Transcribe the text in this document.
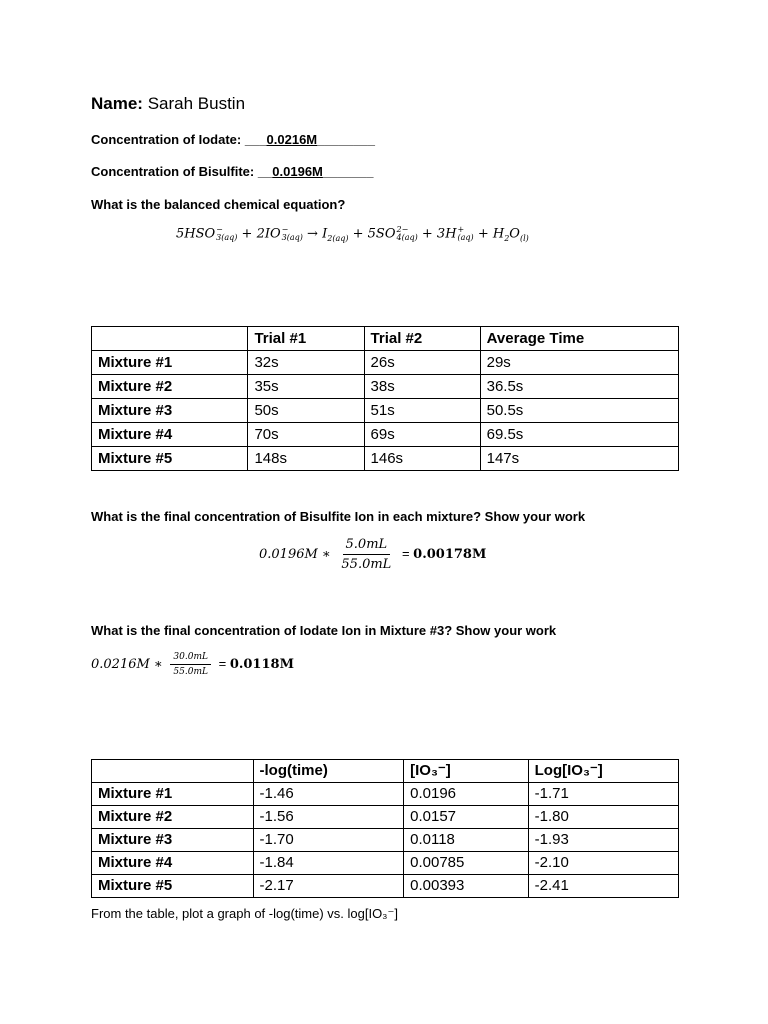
Name: Sarah Bustin
Concentration of Iodate: ___0.0216M________
Concentration of Bisulfite: __0.0196M_______
What is the balanced chemical equation?
5HSO −
3(aq) + 2IO −
$3(aq) \to I_{2(aq)} + 5SO$ 2−
4(aq) + 3H +
$(aq) + H_2O_{(l)}$
	Trial #1	Trial #2	Average Time
Mixture #1	32s	26s	29s
Mixture #2	35s	38s	36.5s
Mixture #3	50s	51s	50.5s
Mixture #4	70s	69s	69.5s
Mixture #5	148s	146s	147s
What is the final concentration of Bisulfite Ion in each mixture? Show your work
0.0196M ∗ $\frac{5.0mL}{55.0mL} = 0.00178M$
What is the final concentration of Iodate Ion in Mixture #3? Show your work
0.0216M ∗ $\frac{30.0mL}{55.0mL} = 0.0118M$
	-log(time)	[IO₃⁻]	Log[IO₃⁻]
Mixture #1	-1.46	0.0196	-1.71
Mixture #2	-1.56	0.0157	-1.80
Mixture #3	-1.70	0.0118	-1.93
Mixture #4	-1.84	0.00785	-2.10
Mixture #5	-2.17	0.00393	-2.41
From the table, plot a graph of -log(time) vs. log[IO₃⁻]
